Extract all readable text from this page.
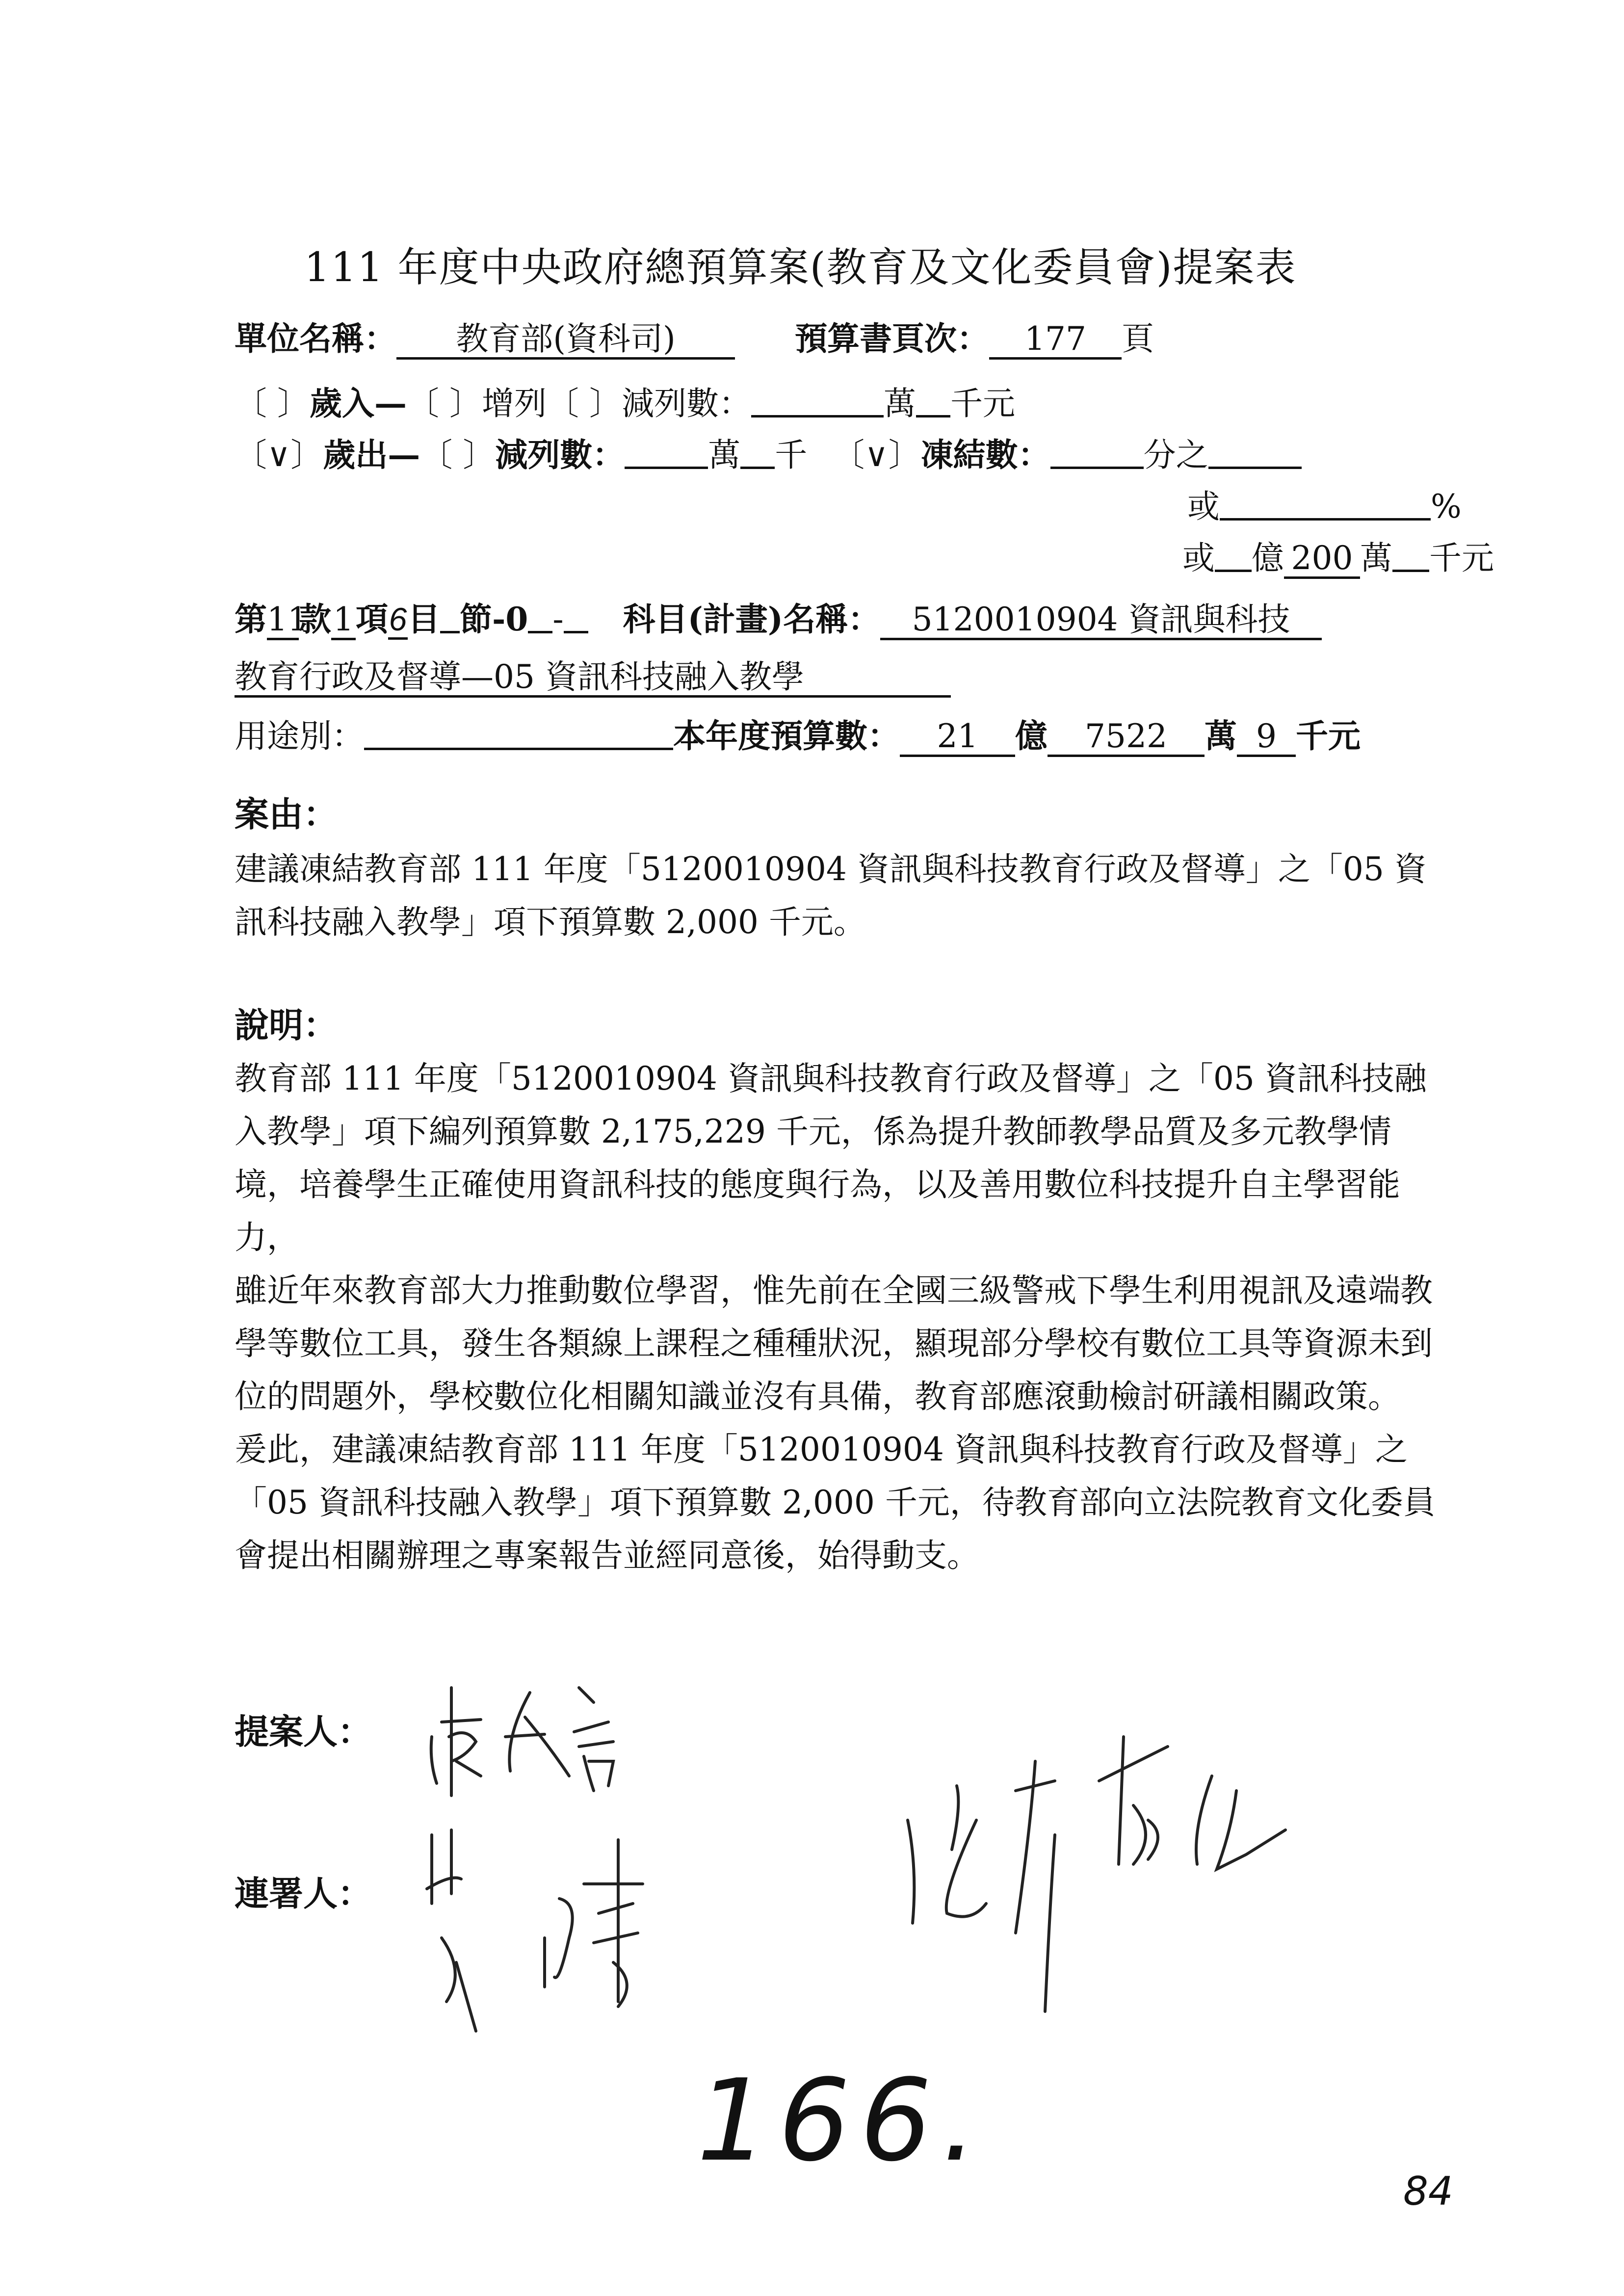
111 年度中央政府總預算案(教育及文化委員會)提案表
單位名稱： 教育部(資科司)	預算書頁次： 177 頁
〔 〕歲入—〔 〕增列〔 〕減列數：	萬 千元
〔∨〕歲出—〔 〕減列數：	萬 千 〔∨〕凍結數：	分之
或	%
或 億 200 萬 千元
第11款1項6目 節-0 - 科目(計畫)名稱： 5120010904 資訊與科技
教育行政及督導—05 資訊科技融入教學
用途別：	本年度預算數： 21 億 7522 萬 9 千元
案由：

建議凍結教育部 111 年度「5120010904 資訊與科技教育行政及督導」之「05 資訊科技融入教學」項下預算數 2,000 千元。

說明：

教育部 111 年度「5120010904 資訊與科技教育行政及督導」之「05 資訊科技融入教學」項下編列預算數 2,175,229 千元，係為提升教師教學品質及多元教學情境，培養學生正確使用資訊科技的態度與行為，以及善用數位科技提升自主學習能力，

雖近年來教育部大力推動數位學習，惟先前在全國三級警戒下學生利用視訊及遠端教學等數位工具，發生各類線上課程之種種狀況，顯現部分學校有數位工具等資源未到位的問題外，學校數位化相關知識並沒有具備，教育部應滾動檢討研議相關政策。

爰此，建議凍結教育部 111 年度「5120010904 資訊與科技教育行政及督導」之「05 資訊科技融入教學」項下預算數 2,000 千元，待教育部向立法院教育文化委員會提出相關辦理之專案報告並經同意後，始得動支。

提案人：
連署人：
166.
84
